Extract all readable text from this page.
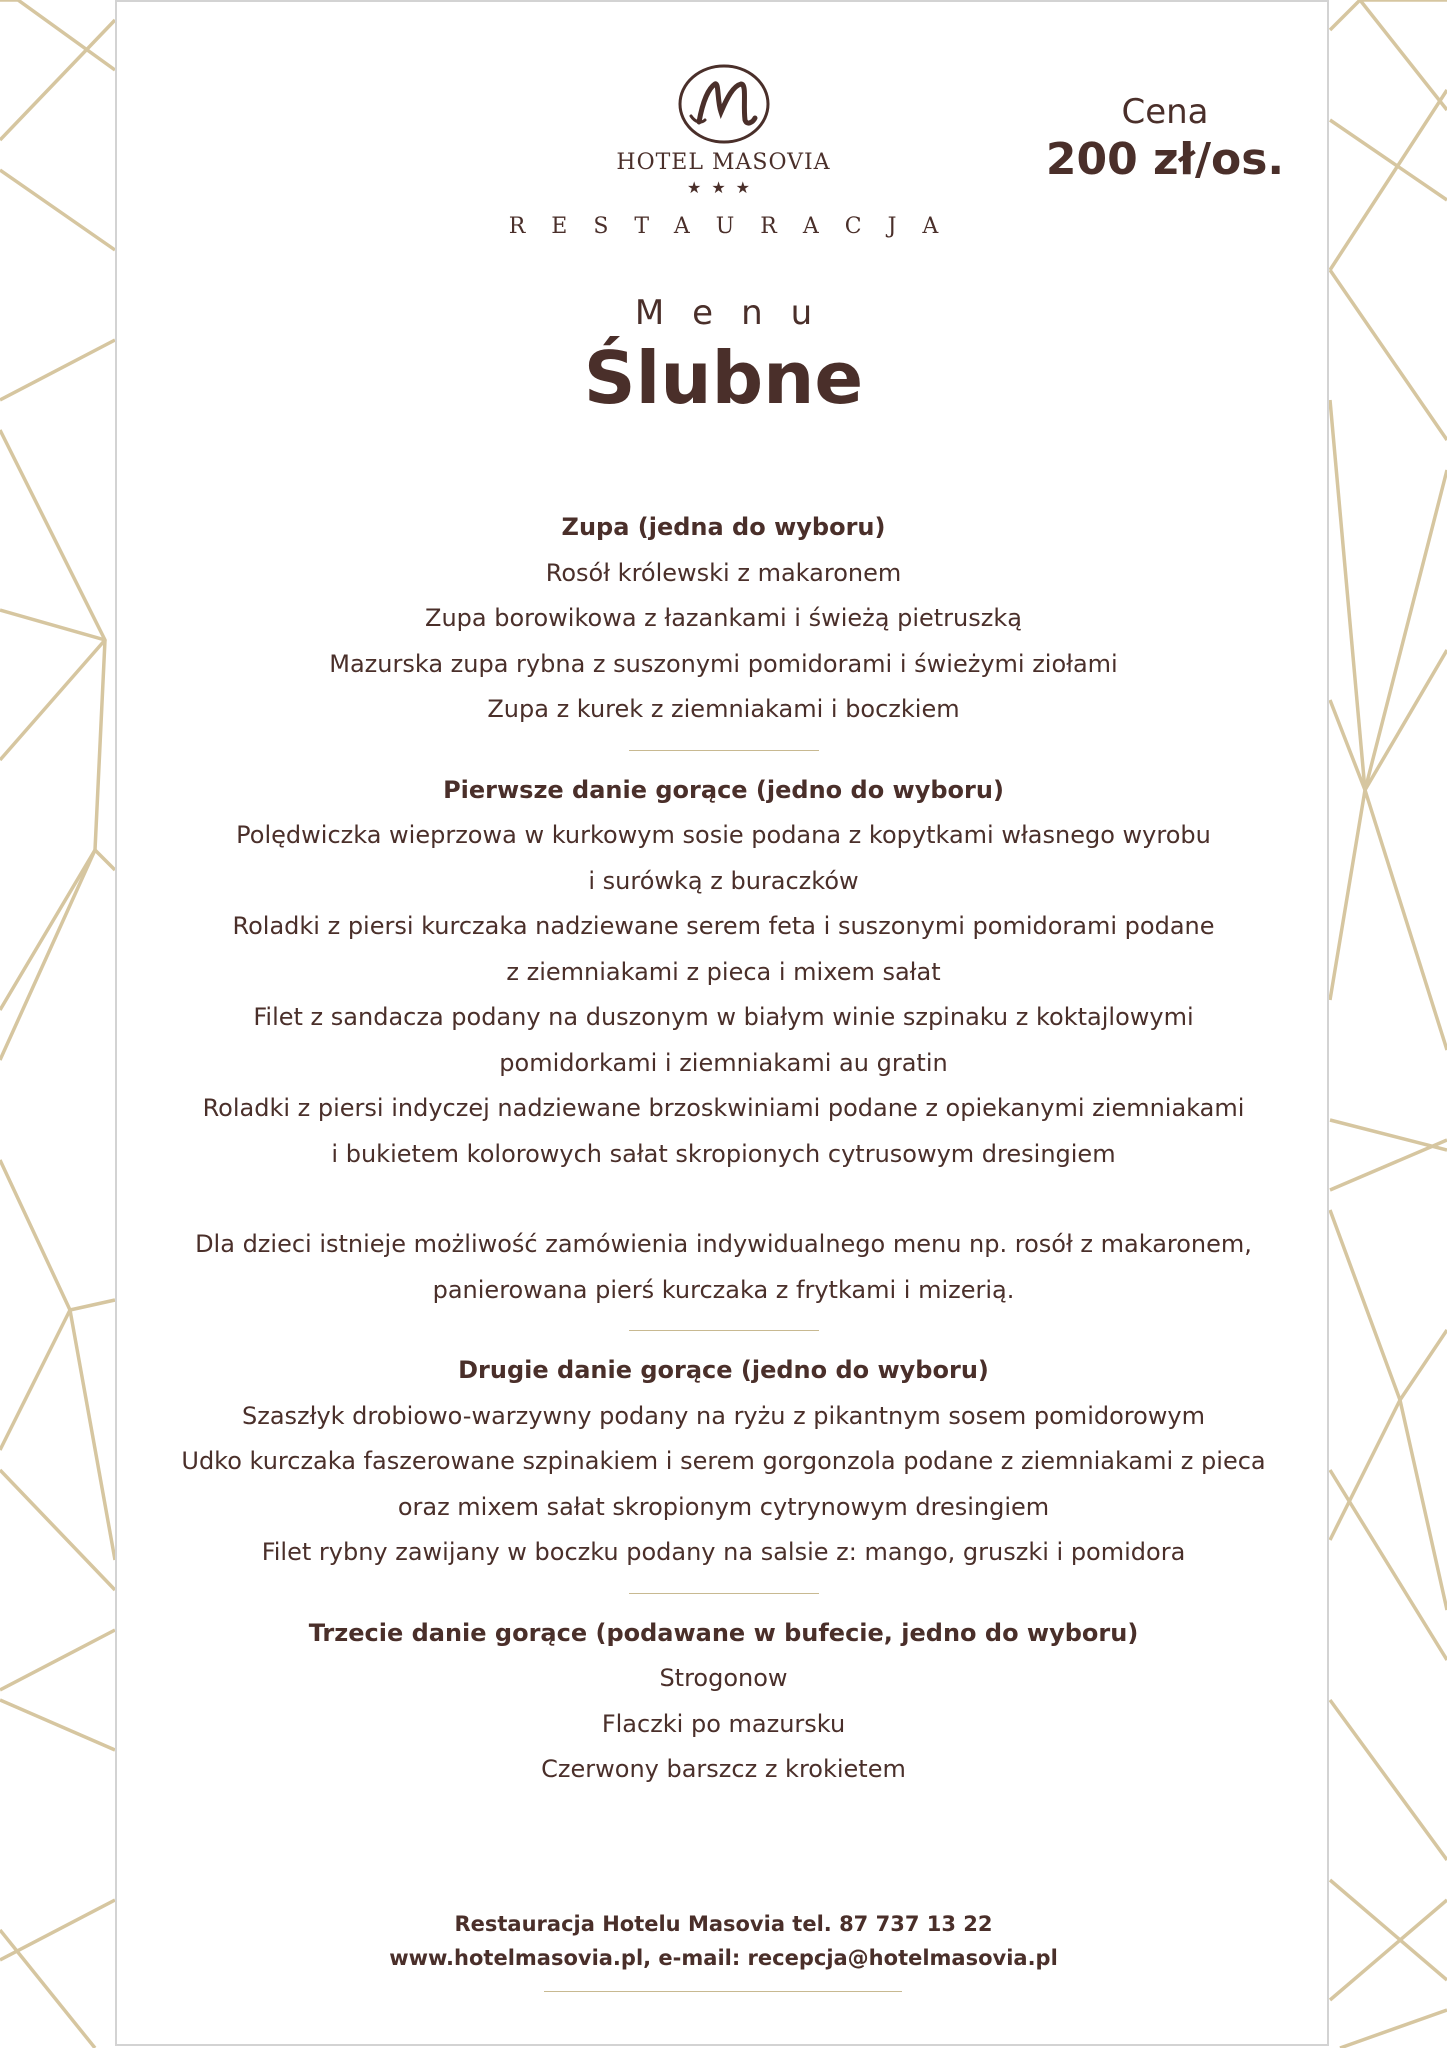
HOTEL MASOVIA
★★★
RESTAURACJA
Cena
200 zł/os.
Menu
Ślubne
Zupa (jedna do wyboru)
Rosół królewski z makaronem
Zupa borowikowa z łazankami i świeżą pietruszką
Mazurska zupa rybna z suszonymi pomidorami i świeżymi ziołami
Zupa z kurek z ziemniakami i boczkiem
Pierwsze danie gorące (jedno do wyboru)
Polędwiczka wieprzowa w kurkowym sosie podana z kopytkami własnego wyrobu
i surówką z buraczków
Roladki z piersi kurczaka nadziewane serem feta i suszonymi pomidorami podane
z ziemniakami z pieca i mixem sałat
Filet z sandacza podany na duszonym w białym winie szpinaku z koktajlowymi
pomidorkami i ziemniakami au gratin
Roladki z piersi indyczej nadziewane brzoskwiniami podane z opiekanymi ziemniakami
i bukietem kolorowych sałat skropionych cytrusowym dresingiem
Dla dzieci istnieje możliwość zamówienia indywidualnego menu np. rosół z makaronem,
panierowana pierś kurczaka z frytkami i mizerią.
Drugie danie gorące (jedno do wyboru)
Szaszłyk drobiowo-warzywny podany na ryżu z pikantnym sosem pomidorowym
Udko kurczaka faszerowane szpinakiem i serem gorgonzola podane z ziemniakami z pieca
oraz mixem sałat skropionym cytrynowym dresingiem
Filet rybny zawijany w boczku podany na salsie z: mango, gruszki i pomidora
Trzecie danie gorące (podawane w bufecie, jedno do wyboru)
Strogonow
Flaczki po mazursku
Czerwony barszcz z krokietem
Restauracja Hotelu Masovia tel. 87 737 13 22
www.hotelmasovia.pl, e-mail: recepcja@hotelmasovia.pl
